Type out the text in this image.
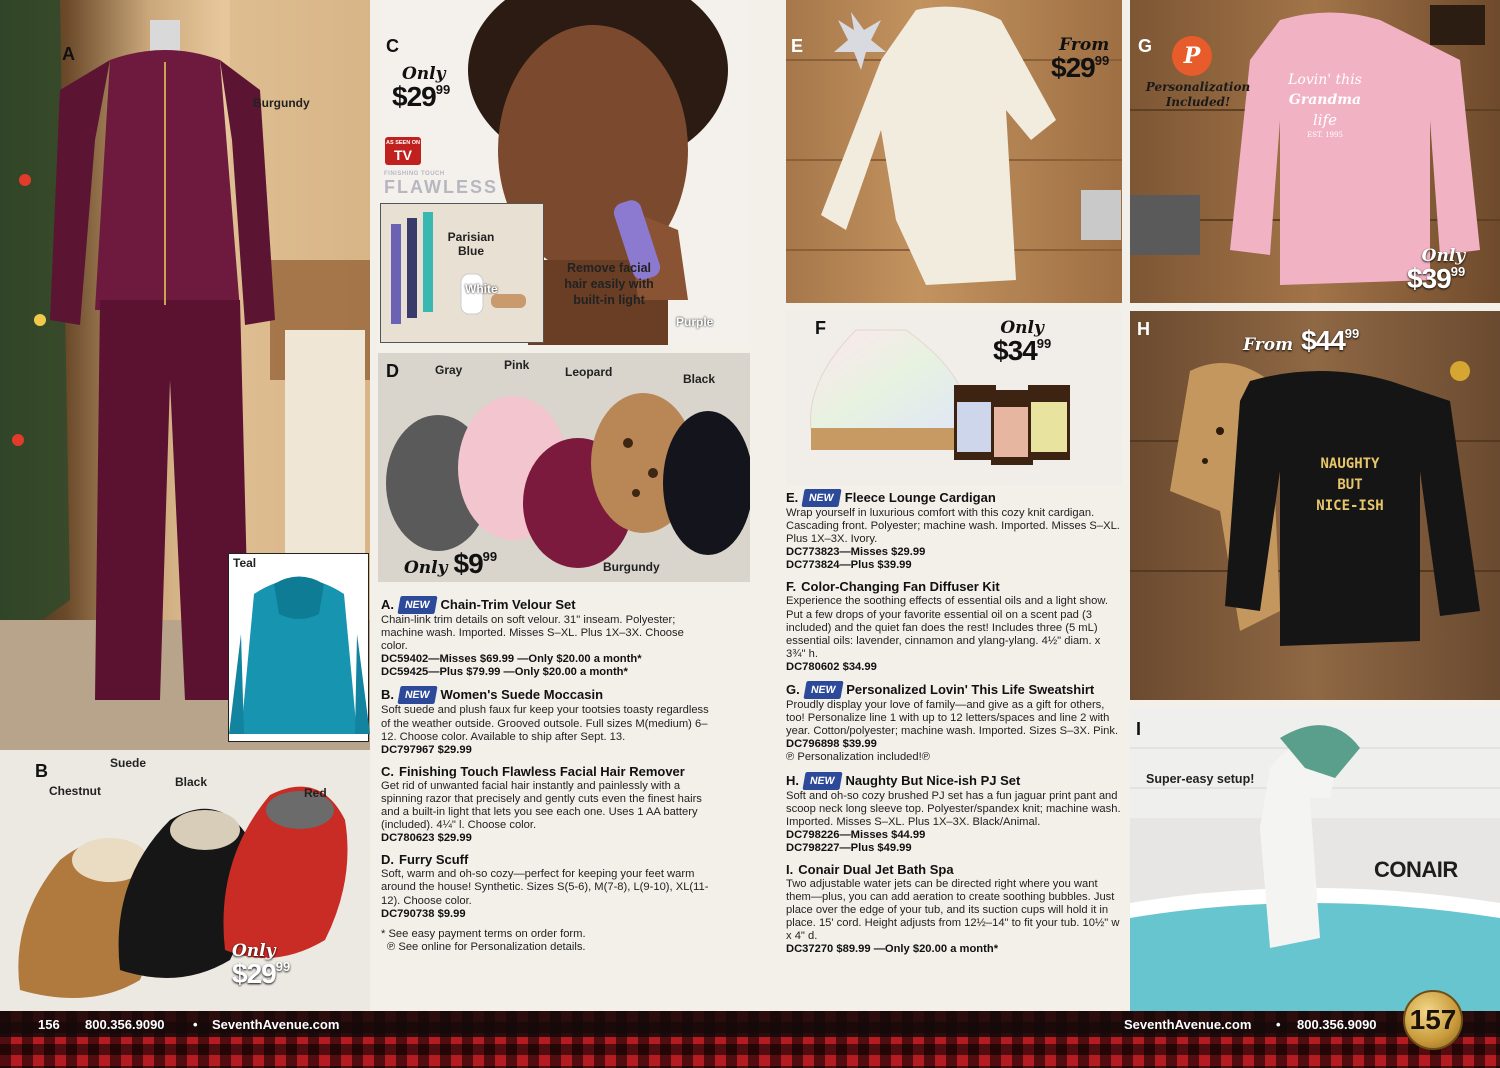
A
Burgundy
Teal
B	Suede
Chestnut
Black
Red
Only
$\$29^{99}$
C
Only
$\$29^{99}$
AS SEEN ON
TV
FINISHING TOUCH
FLAWLESS
Parisian Blue
White
Remove facial hair easily with built-in light
Purple
D	Gray	Pink	Leopard	Black
Burgundy
Only $\$9^{99}$
A. NEW Chain-Trim Velour Set
Chain-link trim details on soft velour. 31" inseam. Polyester; machine wash. Imported. Misses S–XL. Plus 1X–3X. Choose color.
DC59402—Misses $69.99 —Only $20.00 a month*
DC59425—Plus $79.99 —Only $20.00 a month*
B. NEW Women's Suede Moccasin
Soft suede and plush faux fur keep your tootsies toasty regardless of the weather outside. Grooved outsole. Full sizes M(medium) 6–12. Choose color. Available to ship after Sept. 13.
DC797967 $29.99
C. Finishing Touch Flawless Facial Hair Remover
Get rid of unwanted facial hair instantly and painlessly with a spinning razor that precisely and gently cuts even the finest hairs and a built-in light that lets you see each one. Uses 1 AA battery (included). 4¼" l. Choose color.
DC780623 $29.99
D. Furry Scuff
Soft, warm and oh-so cozy—perfect for keeping your feet warm around the house! Synthetic. Sizes S(5-6), M(7-8), L(9-10), XL(11-12). Choose color.
DC790738 $9.99
* See easy payment terms on order form.
℗ See online for Personalization details.
E	From
$\$29^{99}$
F	Only
$\$34^{99}$
E. NEW Fleece Lounge Cardigan
Wrap yourself in luxurious comfort with this cozy knit cardigan. Cascading front. Polyester; machine wash. Imported. Misses S–XL. Plus 1X–3X. Ivory.
DC773823—Misses $29.99
DC773824—Plus $39.99
F. Color-Changing Fan Diffuser Kit
Experience the soothing effects of essential oils and a light show. Put a few drops of your favorite essential oil on a scent pad (3 included) and the quiet fan does the rest! Includes three (5 mL) essential oils: lavender, cinnamon and ylang-ylang. 4½" diam. x 3¾" h.
DC780602 $34.99
G. NEW Personalized Lovin' This Life Sweatshirt
Proudly display your love of family—and give as a gift for others, too! Personalize line 1 with up to 12 letters/spaces and line 2 with year. Cotton/polyester; machine wash. Imported. Sizes S–3X. Pink.
DC796898 $39.99
℗ Personalization included!℗
H. NEW Naughty But Nice-ish PJ Set
Soft and oh-so cozy brushed PJ set has a fun jaguar print pant and scoop neck long sleeve top. Polyester/spandex knit; machine wash. Imported. Misses S–XL. Plus 1X–3X. Black/Animal.
DC798226—Misses $44.99
DC798227—Plus $49.99
I. Conair Dual Jet Bath Spa
Two adjustable water jets can be directed right where you want them—plus, you can add aeration to create soothing bubbles. Just place over the edge of your tub, and its suction cups will hold it in place. 15' cord. Height adjusts from 12½–14" to fit your tub. 10½" w x 4" d.
DC37270 $89.99 —Only $20.00 a month*
G P
Personalization Included!
Lovin' this
Grandma
life
EST. 1995
Only
$\$39^{99}$
H
From $\$44^{99}$
NAUGHTY
BUT
NICE-ISH
I
Super-easy setup!
CONAIR
156 800.356.9090 • SeventhAvenue.com	SeventhAvenue.com • 800.356.9090 157
